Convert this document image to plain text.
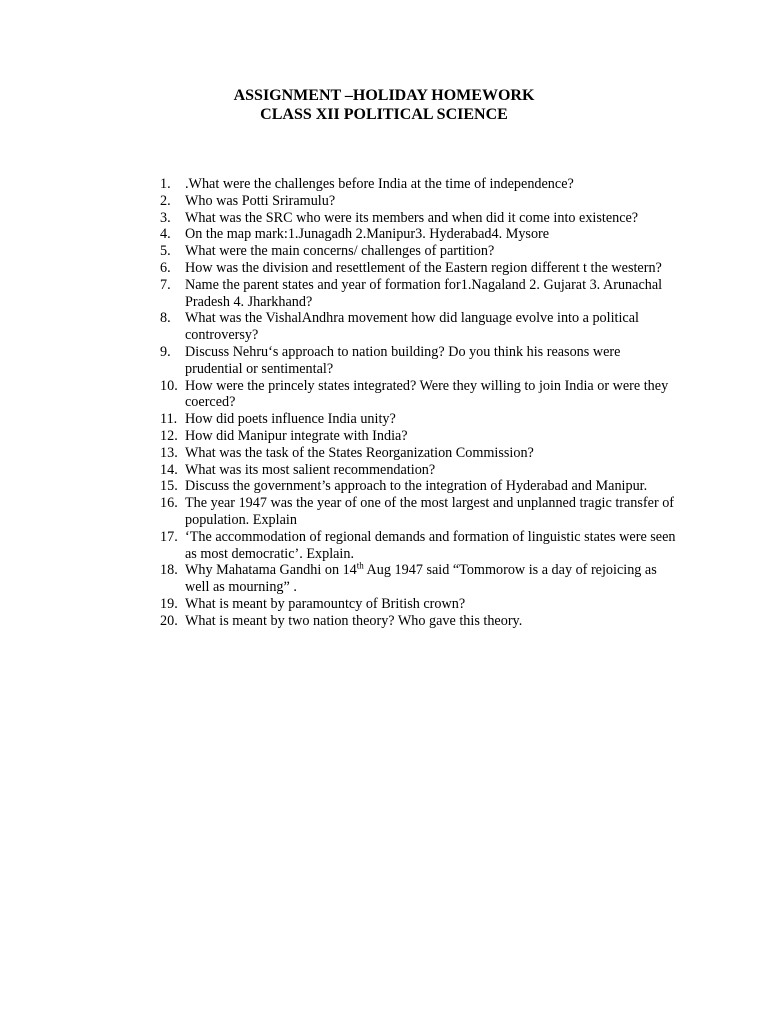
ASSIGNMENT –HOLIDAY HOMEWORK
CLASS XII POLITICAL SCIENCE
1.	.What were the challenges before India at the time of independence?
2.	Who was Potti Sriramulu?
3.	What was the SRC who were its members and when did it come into existence?
4.	On the map mark:1.Junagadh 2.Manipur3. Hyderabad4. Mysore
5.	What were the main concerns/ challenges of partition?
6.	How was the division and resettlement of the Eastern region different t the western?
7.	Name the parent states and year of formation for1.Nagaland 2. Gujarat 3. Arunachal Pradesh 4. Jharkhand?
8.	What was the VishalAndhra movement how did language evolve into a political controversy?
9.	Discuss Nehru‘s approach to nation building? Do you think his reasons were prudential or sentimental?
10. How were the princely states integrated? Were they willing to join India or were they coerced?
11. How did poets influence India unity?
12. How did Manipur integrate with India?
13. What was the task of the States Reorganization Commission?
14. What was its most salient recommendation?
15. Discuss the government’s approach to the integration of Hyderabad and Manipur.
16. The year 1947 was the year of one of the most largest and unplanned tragic transfer of population. Explain
17. ‘The accommodation of regional demands and formation of linguistic states were seen as most democratic’. Explain.
18. Why Mahatama Gandhi on 14th Aug 1947 said “Tommorow is a day of rejoicing as well as mourning” .
19. What is meant by paramountcy of British crown?
20. What is meant by two nation theory? Who gave this theory.
